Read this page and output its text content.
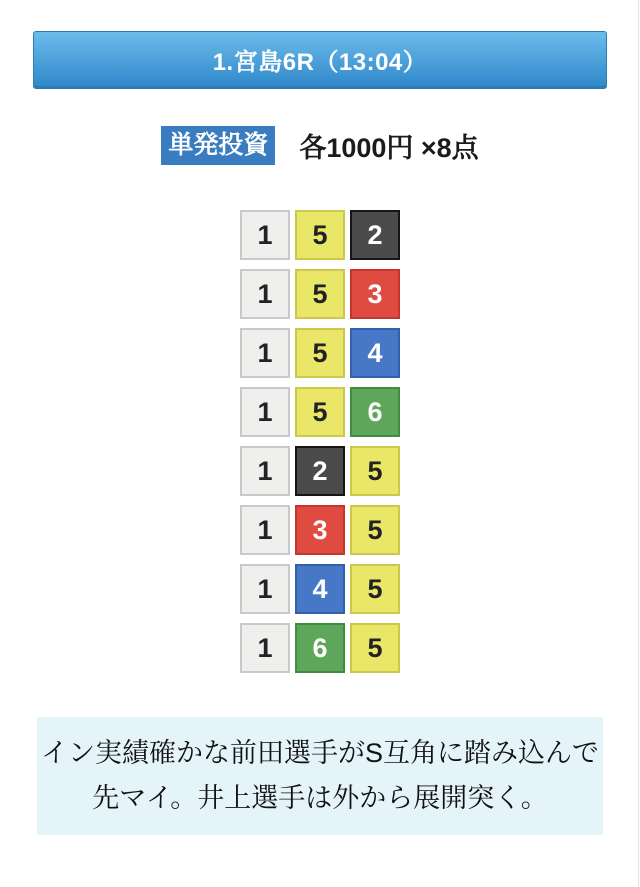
1.宮島6R（13:04）
単発投資 各1000円 ×8点
1	5	2
1	5	3
1	5	4
1	5	6
1	2	5
1	3	5
1	4	5
1	6	5
イン実績確かな前田選手がS互角に踏み込んで
先マイ。井上選手は外から展開突く。
